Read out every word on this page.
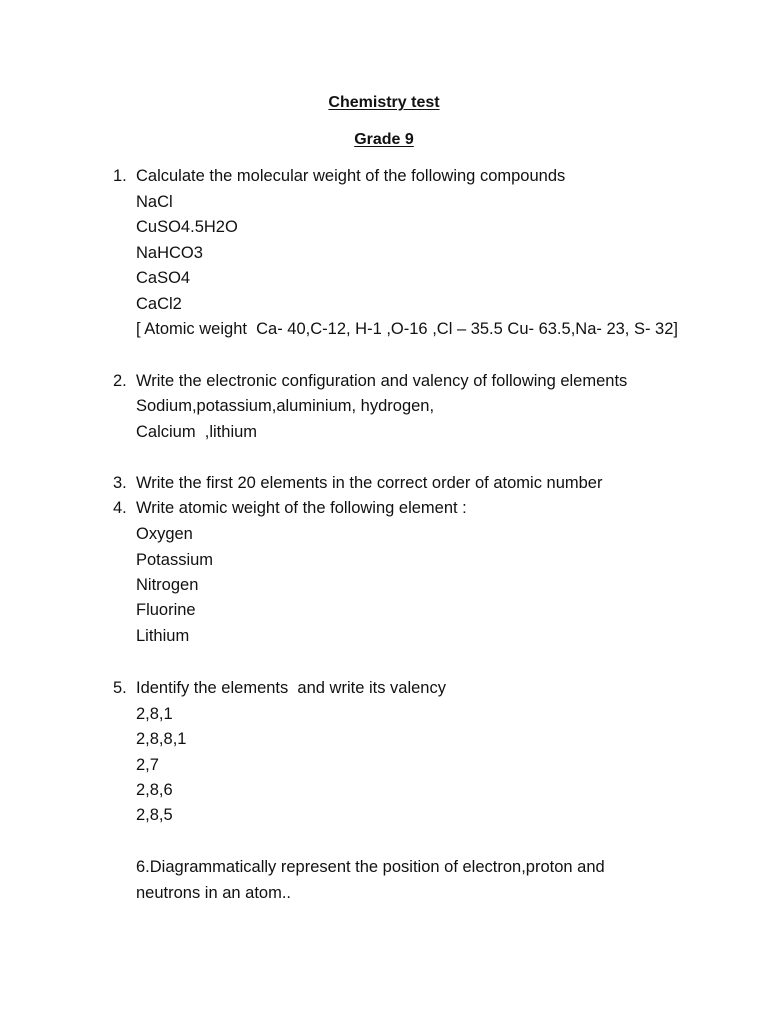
Chemistry test
Grade 9
1. Calculate the molecular weight of the following compounds
NaCl
CuSO4.5H2O
NaHCO3
CaSO4
CaCl2
[ Atomic weight  Ca- 40,C-12, H-1 ,O-16 ,Cl – 35.5 Cu- 63.5,Na- 23, S- 32]
2. Write the electronic configuration and valency of following elements
Sodium,potassium,aluminium, hydrogen,
Calcium  ,lithium
3. Write the first 20 elements in the correct order of atomic number
4. Write atomic weight of the following element :
Oxygen
Potassium
Nitrogen
Fluorine
Lithium
5. Identify the elements  and write its valency
2,8,1
2,8,8,1
2,7
2,8,6
2,8,5
6.Diagrammatically represent the position of electron,proton and
neutrons in an atom..
